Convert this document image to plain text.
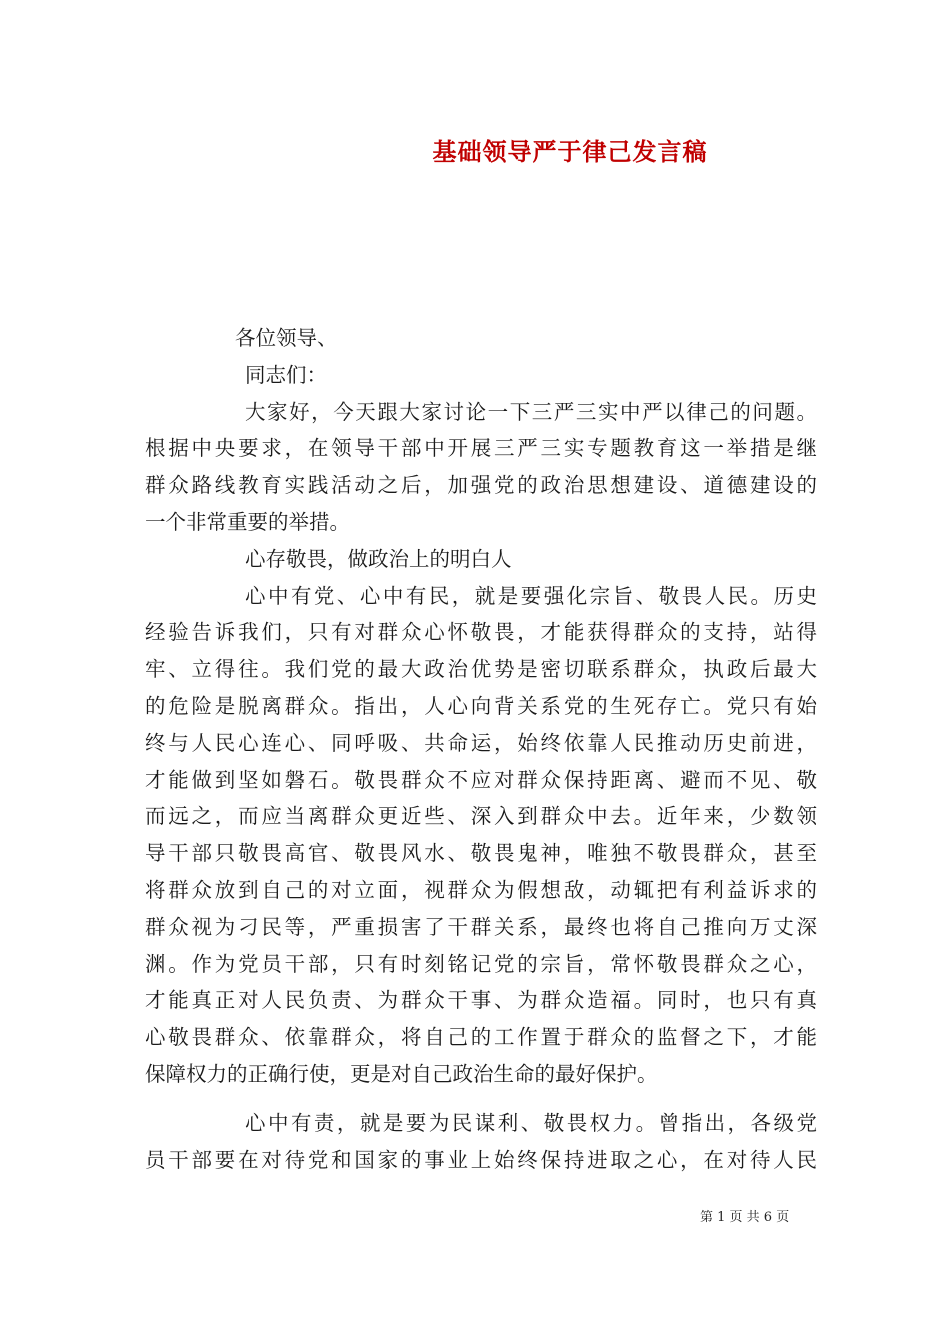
基础领导严于律己发言稿
各位领导、
同志们：
大家好，今天跟大家讨论一下三严三实中严以律己的问题。
根据中央要求，在领导干部中开展三严三实专题教育这一举措是继
群众路线教育实践活动之后，加强党的政治思想建设、道德建设的
一个非常重要的举措。
心存敬畏，做政治上的明白人
心中有党、心中有民，就是要强化宗旨、敬畏人民。历史
经验告诉我们，只有对群众心怀敬畏，才能获得群众的支持，站得
牢、立得往。我们党的最大政治优势是密切联系群众，执政后最大
的危险是脱离群众。指出，人心向背关系党的生死存亡。党只有始
终与人民心连心、同呼吸、共命运，始终依靠人民推动历史前进，
才能做到坚如磐石。敬畏群众不应对群众保持距离、避而不见、敬
而远之，而应当离群众更近些、深入到群众中去。近年来，少数领
导干部只敬畏高官、敬畏风水、敬畏鬼神，唯独不敬畏群众，甚至
将群众放到自己的对立面，视群众为假想敌，动辄把有利益诉求的
群众视为刁民等，严重损害了干群关系，最终也将自己推向万丈深
渊。作为党员干部，只有时刻铭记党的宗旨，常怀敬畏群众之心，
才能真正对人民负责、为群众干事、为群众造福。同时，也只有真
心敬畏群众、依靠群众，将自己的工作置于群众的监督之下，才能
保障权力的正确行使，更是对自己政治生命的最好保护。
心中有责，就是要为民谋利、敬畏权力。曾指出，各级党
员干部要在对待党和国家的事业上始终保持进取之心，在对待人民
第 1 页 共 6 页
